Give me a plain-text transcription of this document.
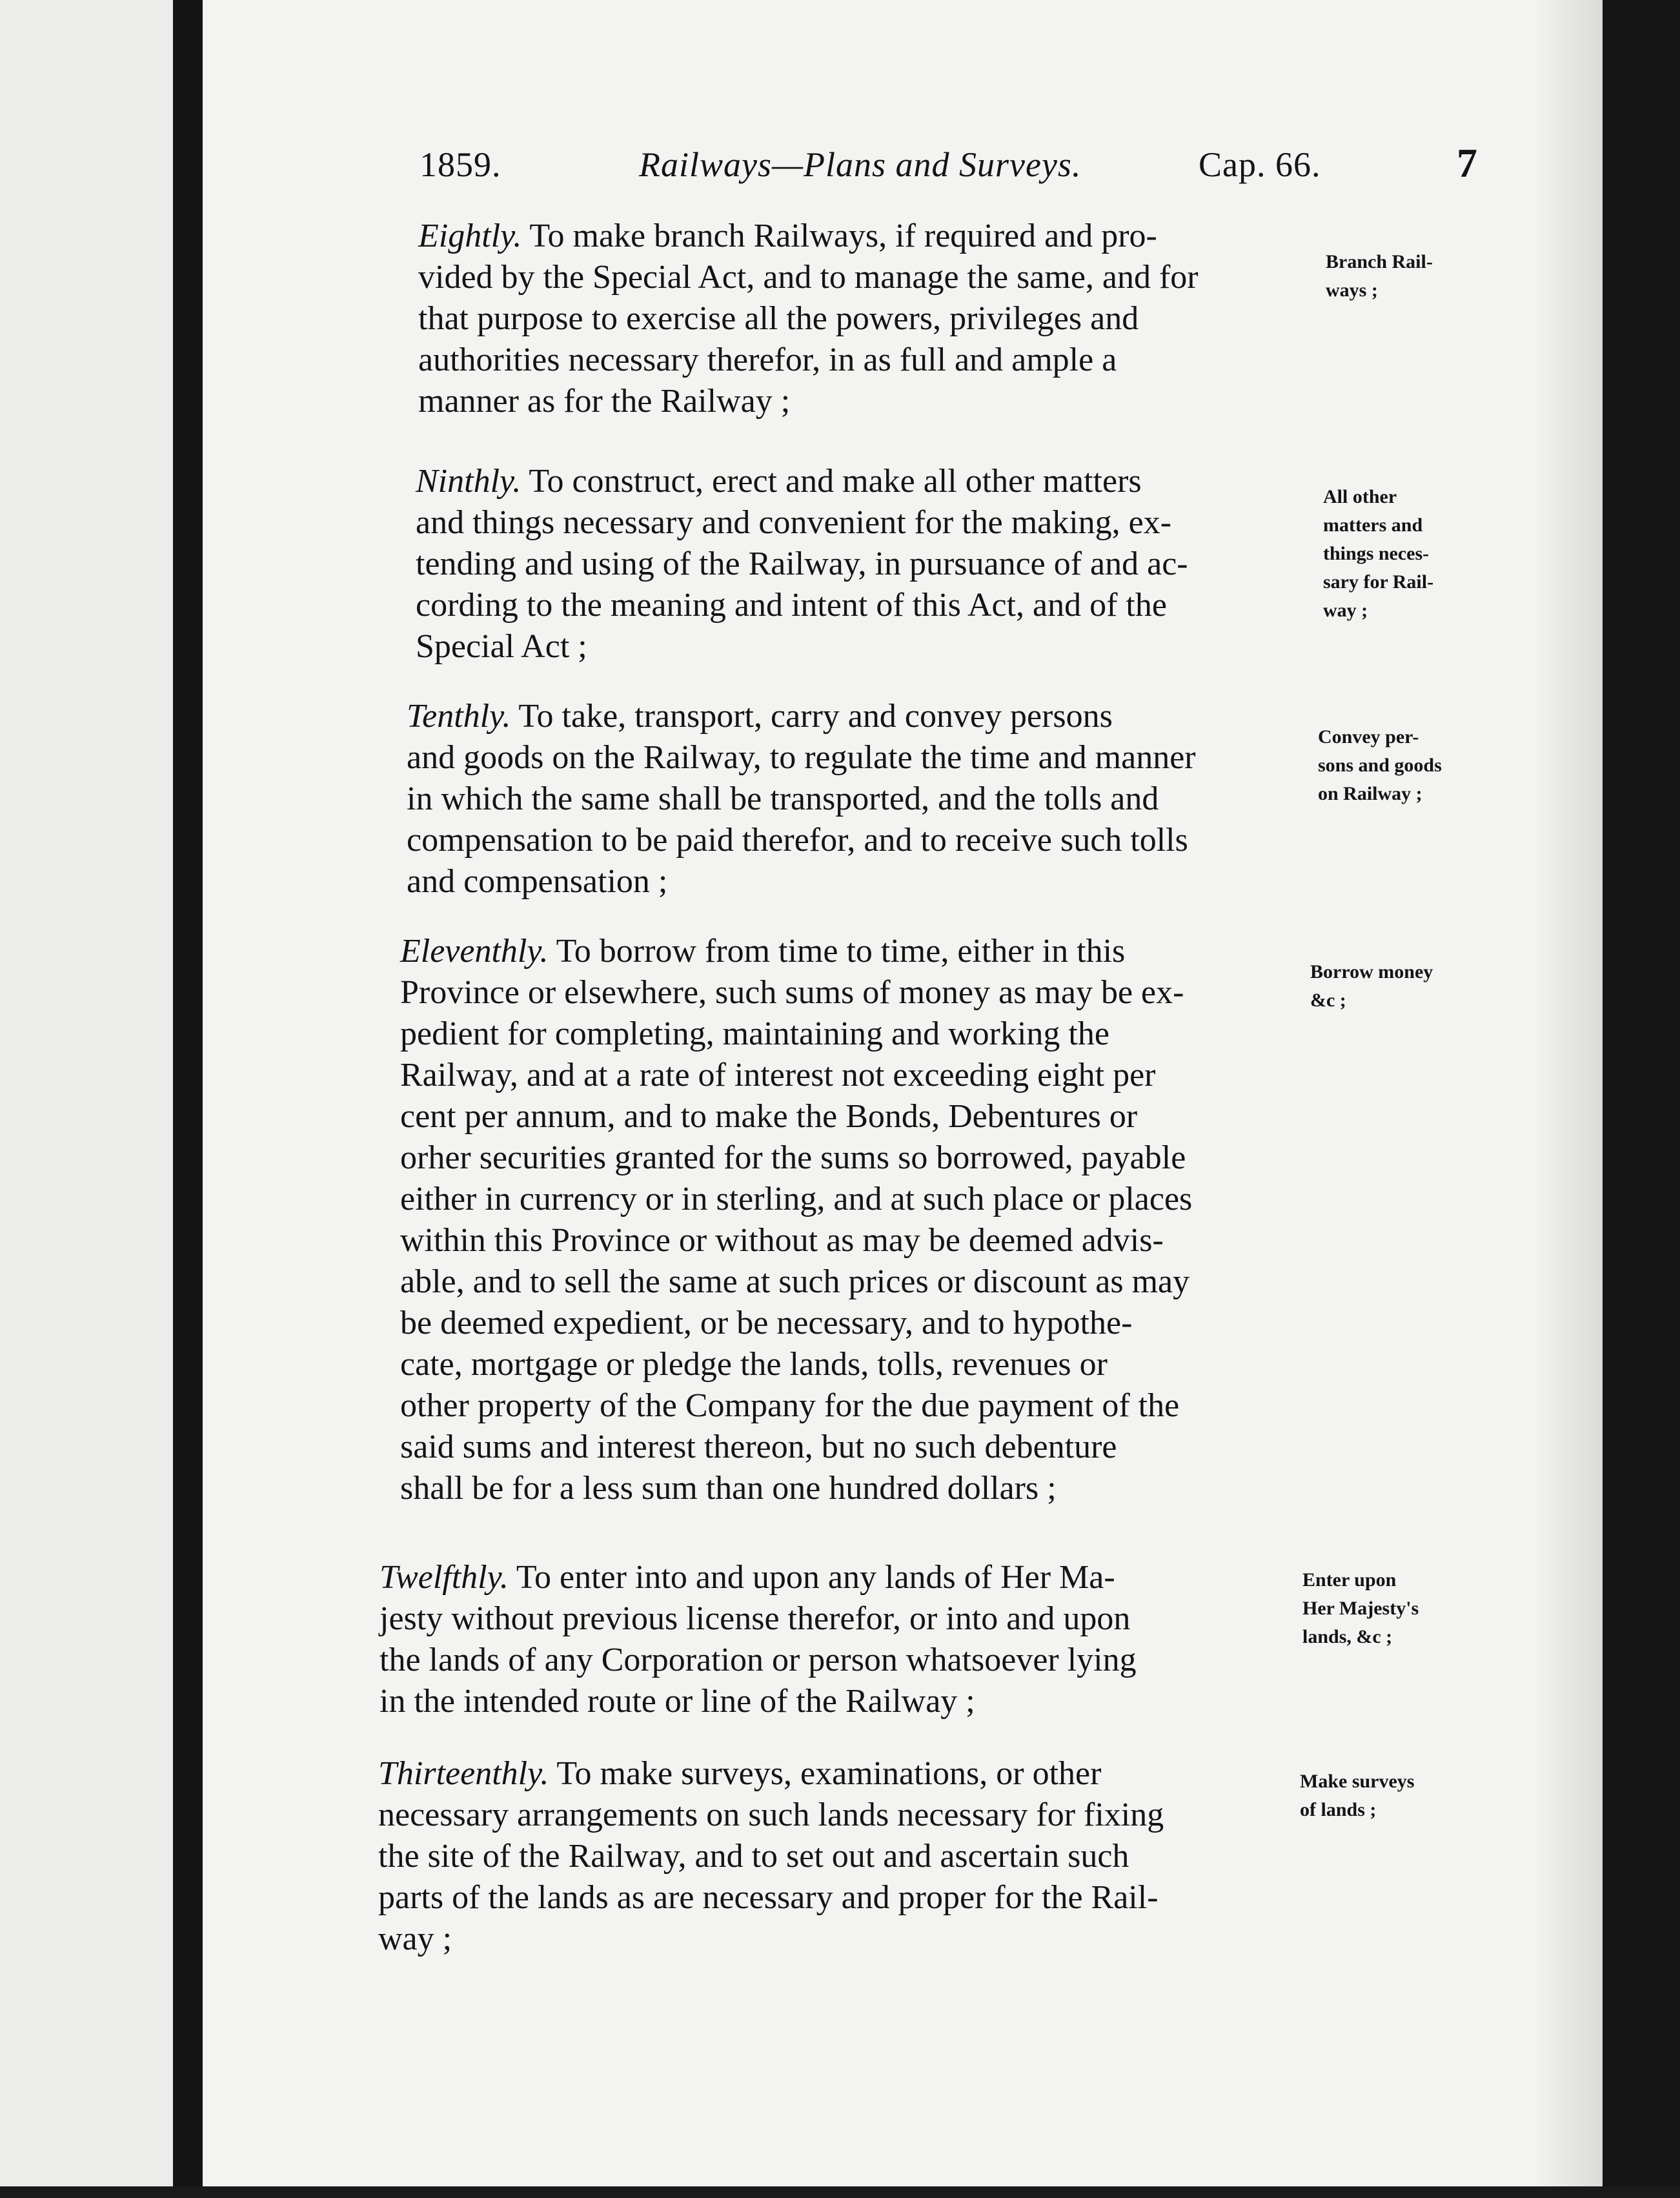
1859.	Railways—Plans and Surveys.	Cap. 66.	7
Eightly. To make branch Railways, if required and pro-
vided by the Special Act, and to manage the same, and for
that purpose to exercise all the powers, privileges and
authorities necessary therefor, in as full and ample a
manner as for the Railway ;
Branch Rail-
ways ;
Ninthly. To construct, erect and make all other matters
and things necessary and convenient for the making, ex-
tending and using of the Railway, in pursuance of and ac-
cording to the meaning and intent of this Act, and of the
Special Act ;
All other
matters and
things neces-
sary for Rail-
way ;
Tenthly. To take, transport, carry and convey persons
and goods on the Railway, to regulate the time and manner
in which the same shall be transported, and the tolls and
compensation to be paid therefor, and to receive such tolls
and compensation ;
Convey per-
sons and goods
on Railway ;
Eleventhly. To borrow from time to time, either in this
Province or elsewhere, such sums of money as may be ex-
pedient for completing, maintaining and working the
Railway, and at a rate of interest not exceeding eight per
cent per annum, and to make the Bonds, Debentures or
orher securities granted for the sums so borrowed, payable
either in currency or in sterling, and at such place or places
within this Province or without as may be deemed advis-
able, and to sell the same at such prices or discount as may
be deemed expedient, or be necessary, and to hypothe-
cate, mortgage or pledge the lands, tolls, revenues or
other property of the Company for the due payment of the
said sums and interest thereon, but no such debenture
shall be for a less sum than one hundred dollars ;
Borrow money
&c ;
Twelfthly. To enter into and upon any lands of Her Ma-
jesty without previous license therefor, or into and upon
the lands of any Corporation or person whatsoever lying
in the intended route or line of the Railway ;
Enter upon
Her Majesty's
lands, &c ;
Thirteenthly. To make surveys, examinations, or other
necessary arrangements on such lands necessary for fixing
the site of the Railway, and to set out and ascertain such
parts of the lands as are necessary and proper for the Rail-
way ;
Make surveys
of lands ;
